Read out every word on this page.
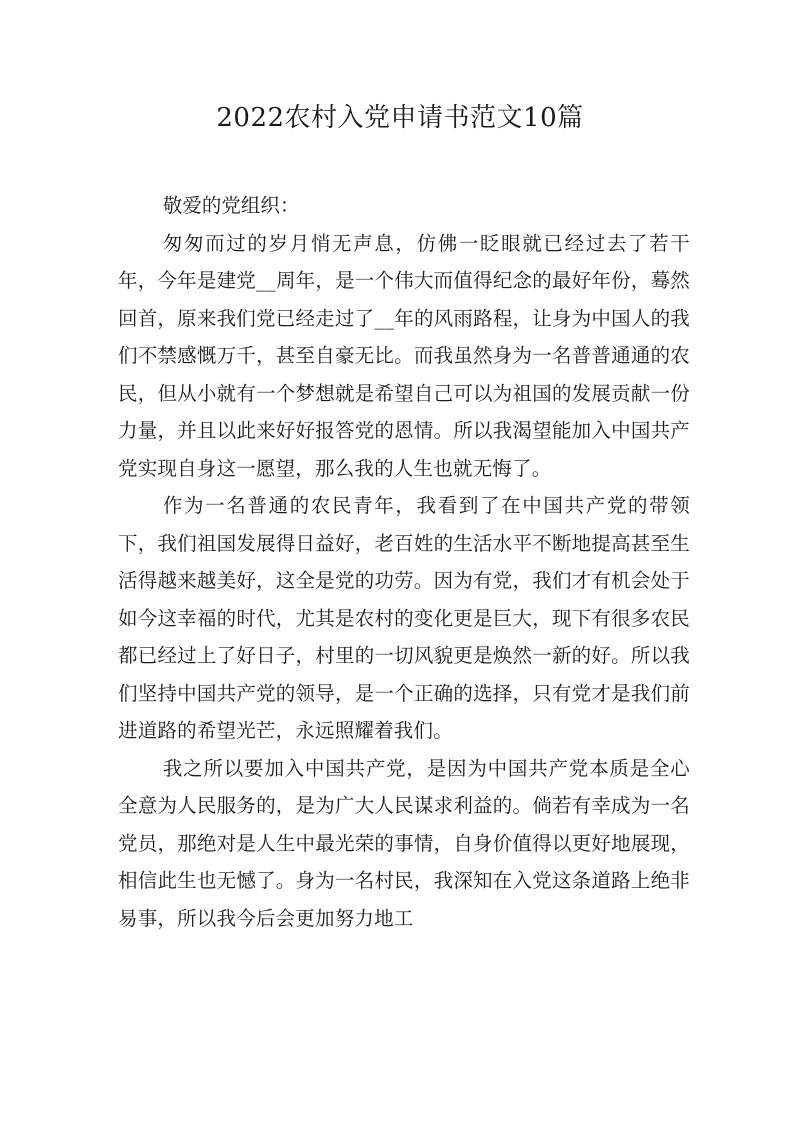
2022农村入党申请书范文10篇

敬爱的党组织：

匆匆而过的岁月悄无声息，仿佛一眨眼就已经过去了若干年，今年是建党__周年，是一个伟大而值得纪念的最好年份，蓦然回首，原来我们党已经走过了__年的风雨路程，让身为中国人的我们不禁感慨万千，甚至自豪无比。而我虽然身为一名普普通通的农民，但从小就有一个梦想就是希望自己可以为祖国的发展贡献一份力量，并且以此来好好报答党的恩情。所以我渴望能加入中国共产党实现自身这一愿望，那么我的人生也就无悔了。

作为一名普通的农民青年，我看到了在中国共产党的带领下，我们祖国发展得日益好，老百姓的生活水平不断地提高甚至生活得越来越美好，这全是党的功劳。因为有党，我们才有机会处于如今这幸福的时代，尤其是农村的变化更是巨大，现下有很多农民都已经过上了好日子，村里的一切风貌更是焕然一新的好。所以我们坚持中国共产党的领导，是一个正确的选择，只有党才是我们前进道路的希望光芒，永远照耀着我们。

我之所以要加入中国共产党，是因为中国共产党本质是全心全意为人民服务的，是为广大人民谋求利益的。倘若有幸成为一名党员，那绝对是人生中最光荣的事情，自身价值得以更好地展现，相信此生也无憾了。身为一名村民，我深知在入党这条道路上绝非易事，所以我今后会更加努力地工
